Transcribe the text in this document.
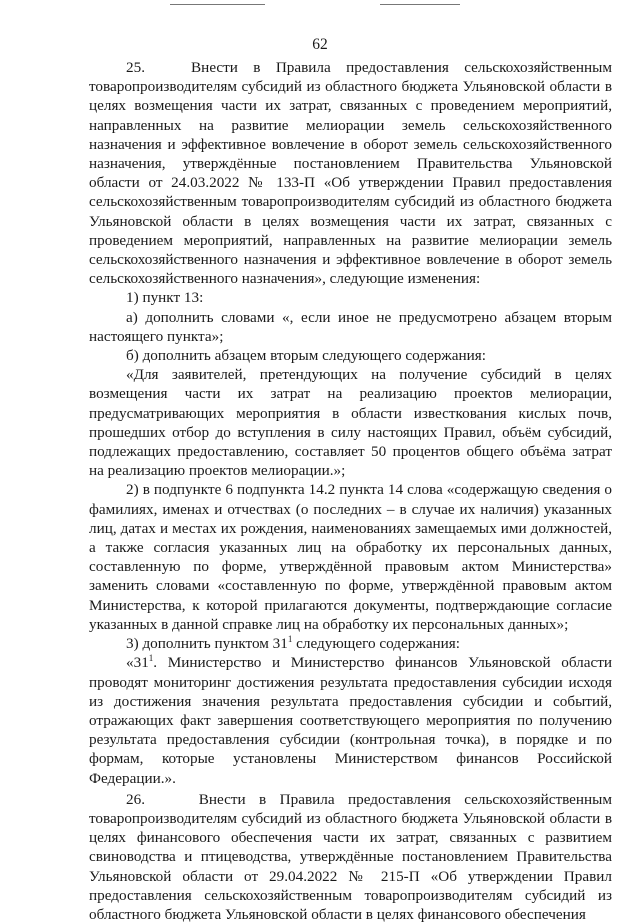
62

25.   Внести в Правила предоставления сельскохозяйственным товаропроизводителям субсидий из областного бюджета Ульяновской области в целях возмещения части их затрат, связанных с проведением мероприятий, направленных на развитие мелиорации земель сельскохозяйственного назначения и эффективное вовлечение в оборот земель сельскохозяйственного назначения, утверждённые постановлением Правительства Ульяновской области от 24.03.2022 № 133-П «Об утверждении Правил предоставления сельскохозяйственным товаропроизводителям субсидий из областного бюджета Ульяновской области в целях возмещения части их затрат, связанных с проведением мероприятий, направленных на развитие мелиорации земель сельскохозяйственного назначения и эффективное вовлечение в оборот земель сельскохозяйственного назначения», следующие изменения:

1) пункт 13:

а) дополнить словами «, если иное не предусмотрено абзацем вторым настоящего пункта»;

б) дополнить абзацем вторым следующего содержания:

«Для заявителей, претендующих на получение субсидий в целях возмещения части их затрат на реализацию проектов мелиорации, предусматривающих мероприятия в области известкования кислых почв, прошедших отбор до вступления в силу настоящих Правил, объём субсидий, подлежащих предоставлению, составляет 50 процентов общего объёма затрат на реализацию проектов мелиорации.»;

2) в подпункте 6 подпункта 14.2 пункта 14 слова «содержащую сведения о фамилиях, именах и отчествах (о последних – в случае их наличия) указанных лиц, датах и местах их рождения, наименованиях замещаемых ими должностей, а также согласия указанных лиц на обработку их персональных данных, составленную по форме, утверждённой правовым актом Министерства» заменить словами «составленную по форме, утверждённой правовым актом Министерства, к которой прилагаются документы, подтверждающие согласие указанных в данной справке лиц на обработку их персональных данных»;

3) дополнить пунктом $31^1$ следующего содержания:

«$31^1$. Министерство и Министерство финансов Ульяновской области проводят мониторинг достижения результата предоставления субсидии исходя из достижения значения результата предоставления субсидии и событий, отражающих факт завершения соответствующего мероприятия по получению результата предоставления субсидии (контрольная точка), в порядке и по формам, которые установлены Министерством финансов Российской Федерации.».

26.    Внести в Правила предоставления сельскохозяйственным товаропроизводителям субсидий из областного бюджета Ульяновской области в целях финансового обеспечения части их затрат, связанных с развитием свиноводства и птицеводства, утверждённые постановлением Правительства Ульяновской области от 29.04.2022 № 215-П «Об утверждении Правил предоставления сельскохозяйственным товаропроизводителям субсидий из областного бюджета Ульяновской области в целях финансового обеспечения
